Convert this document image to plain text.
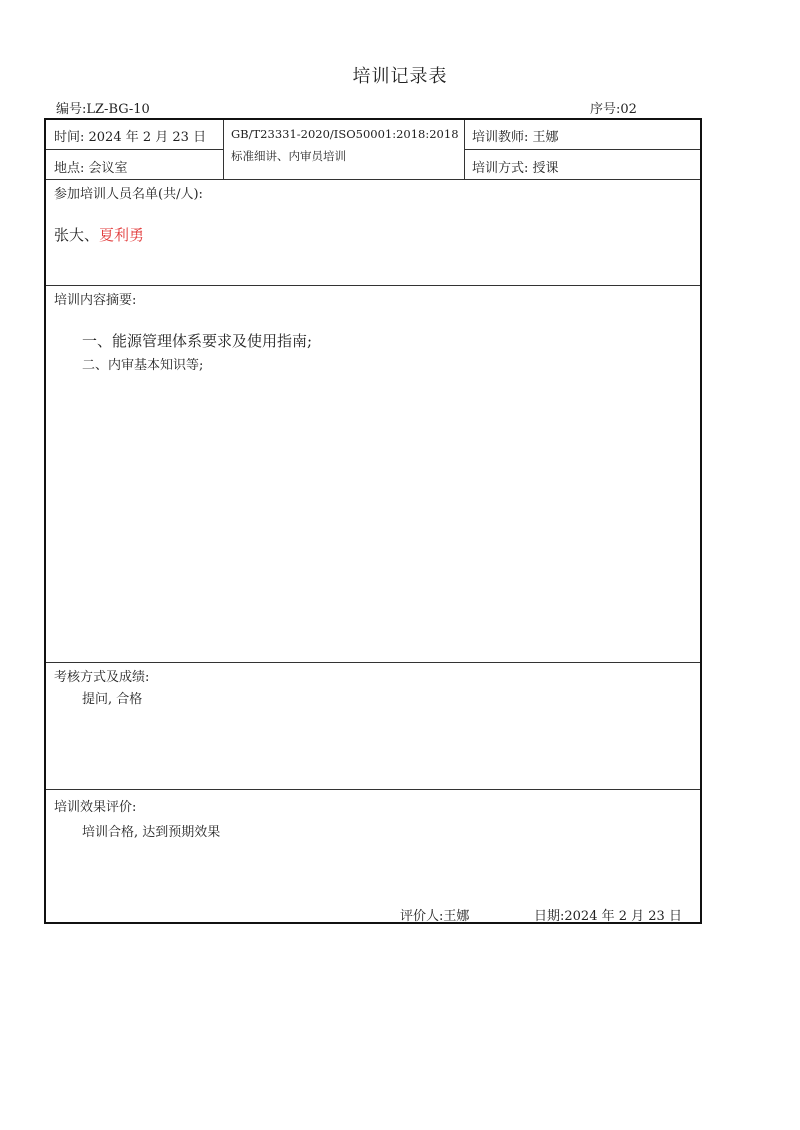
培训记录表
编号:LZ-BG-10	序号:02
时间: 2024 年 2 月 23 日
地点: 会议室
GB/T23331-2020/ISO50001:2018:2018 标准细讲、内审员培训
培训教师: 王娜
培训方式: 授课
参加培训人员名单(共/人):
张大、夏利勇
培训内容摘要:
一、能源管理体系要求及使用指南;
二、内审基本知识等;
考核方式及成绩:
提问, 合格
培训效果评价:
培训合格, 达到预期效果
评价人:王娜	日期:2024 年 2 月 23 日
